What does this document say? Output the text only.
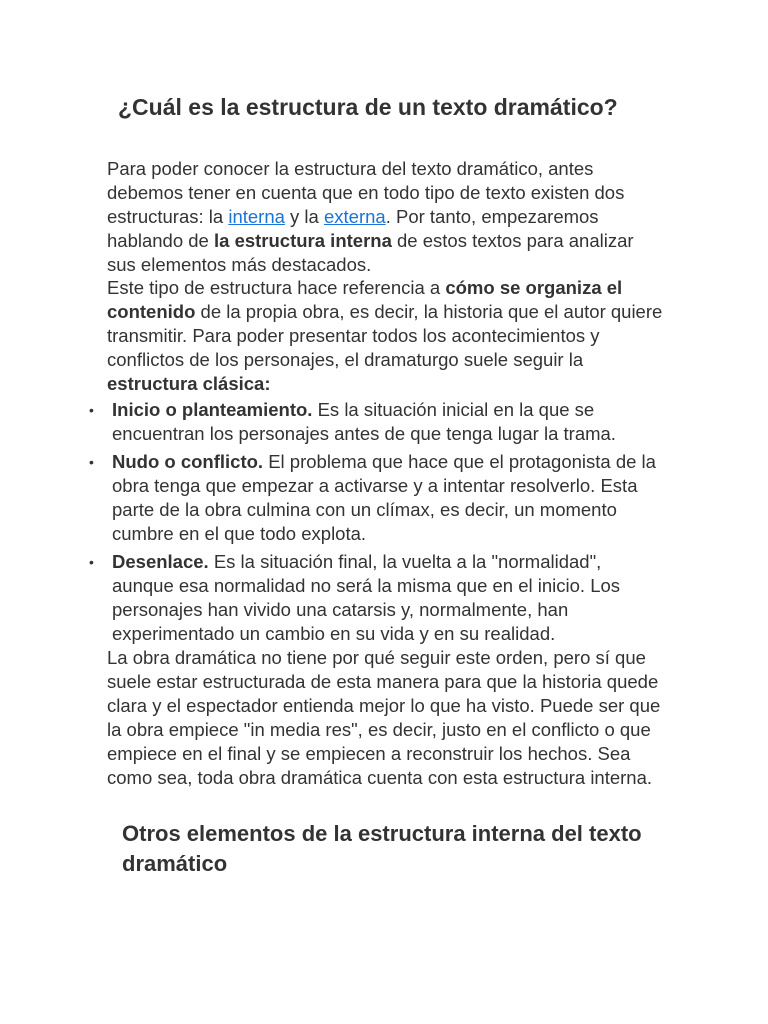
¿Cuál es la estructura de un texto dramático?

Para poder conocer la estructura del texto dramático, antes debemos tener en cuenta que en todo tipo de texto existen dos estructuras: la interna y la externa. Por tanto, empezaremos hablando de la estructura interna de estos textos para analizar sus elementos más destacados.

Este tipo de estructura hace referencia a cómo se organiza el contenido de la propia obra, es decir, la historia que el autor quiere transmitir. Para poder presentar todos los acontecimientos y conflictos de los personajes, el dramaturgo suele seguir la estructura clásica:

• Inicio o planteamiento. Es la situación inicial en la que se encuentran los personajes antes de que tenga lugar la trama.
• Nudo o conflicto. El problema que hace que el protagonista de la obra tenga que empezar a activarse y a intentar resolverlo. Esta parte de la obra culmina con un clímax, es decir, un momento cumbre en el que todo explota.
• Desenlace. Es la situación final, la vuelta a la "normalidad", aunque esa normalidad no será la misma que en el inicio. Los personajes han vivido una catarsis y, normalmente, han experimentado un cambio en su vida y en su realidad.

La obra dramática no tiene por qué seguir este orden, pero sí que suele estar estructurada de esta manera para que la historia quede clara y el espectador entienda mejor lo que ha visto. Puede ser que la obra empiece "in media res", es decir, justo en el conflicto o que empiece en el final y se empiecen a reconstruir los hechos. Sea como sea, toda obra dramática cuenta con esta estructura interna.

Otros elementos de la estructura interna del texto dramático
